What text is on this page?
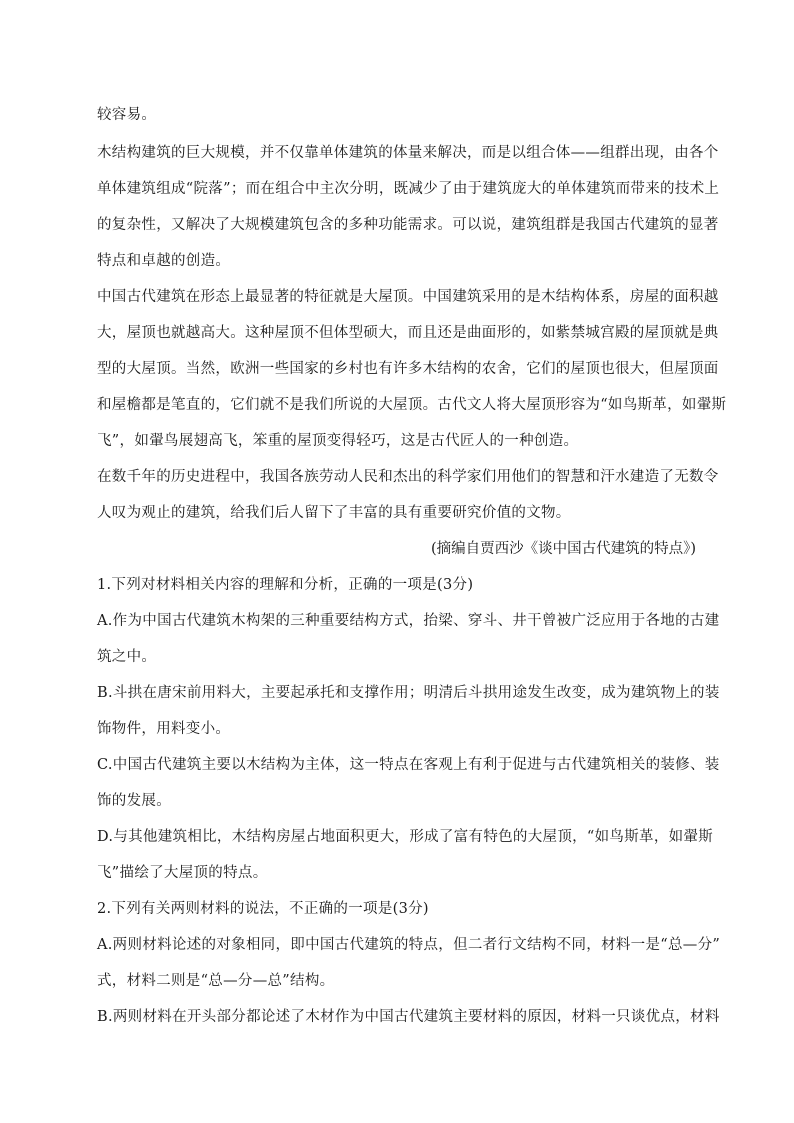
较容易。
木结构建筑的巨大规模，并不仅靠单体建筑的体量来解决，而是以组合体——组群出现，由各个
单体建筑组成“院落”；而在组合中主次分明，既减少了由于建筑庞大的单体建筑而带来的技术上
的复杂性，又解决了大规模建筑包含的多种功能需求。可以说，建筑组群是我国古代建筑的显著
特点和卓越的创造。
中国古代建筑在形态上最显著的特征就是大屋顶。中国建筑采用的是木结构体系，房屋的面积越
大，屋顶也就越高大。这种屋顶不但体型硕大，而且还是曲面形的，如紫禁城宫殿的屋顶就是典
型的大屋顶。当然，欧洲一些国家的乡村也有许多木结构的农舍，它们的屋顶也很大，但屋顶面
和屋檐都是笔直的，它们就不是我们所说的大屋顶。古代文人将大屋顶形容为“如鸟斯革，如翬斯
飞”，如翬鸟展翅高飞，笨重的屋顶变得轻巧，这是古代匠人的一种创造。
在数千年的历史进程中，我国各族劳动人民和杰出的科学家们用他们的智慧和汗水建造了无数令
人叹为观止的建筑，给我们后人留下了丰富的具有重要研究价值的文物。
(摘编自贾西沙《谈中国古代建筑的特点》)
1.下列对材料相关内容的理解和分析，正确的一项是(3分)
A.作为中国古代建筑木构架的三种重要结构方式，抬梁、穿斗、井干曾被广泛应用于各地的古建
筑之中。
B.斗拱在唐宋前用料大，主要起承托和支撑作用；明清后斗拱用途发生改变，成为建筑物上的装
饰物件，用料变小。
C.中国古代建筑主要以木结构为主体，这一特点在客观上有利于促进与古代建筑相关的装修、装
饰的发展。
D.与其他建筑相比，木结构房屋占地面积更大，形成了富有特色的大屋顶，“如鸟斯革，如翬斯
飞”描绘了大屋顶的特点。
2.下列有关两则材料的说法，不正确的一项是(3分)
A.两则材料论述的对象相同，即中国古代建筑的特点，但二者行文结构不同，材料一是“总—分”
式，材料二则是“总—分—总”结构。
B.两则材料在开头部分都论述了木材作为中国古代建筑主要材料的原因，材料一只谈优点，材料
